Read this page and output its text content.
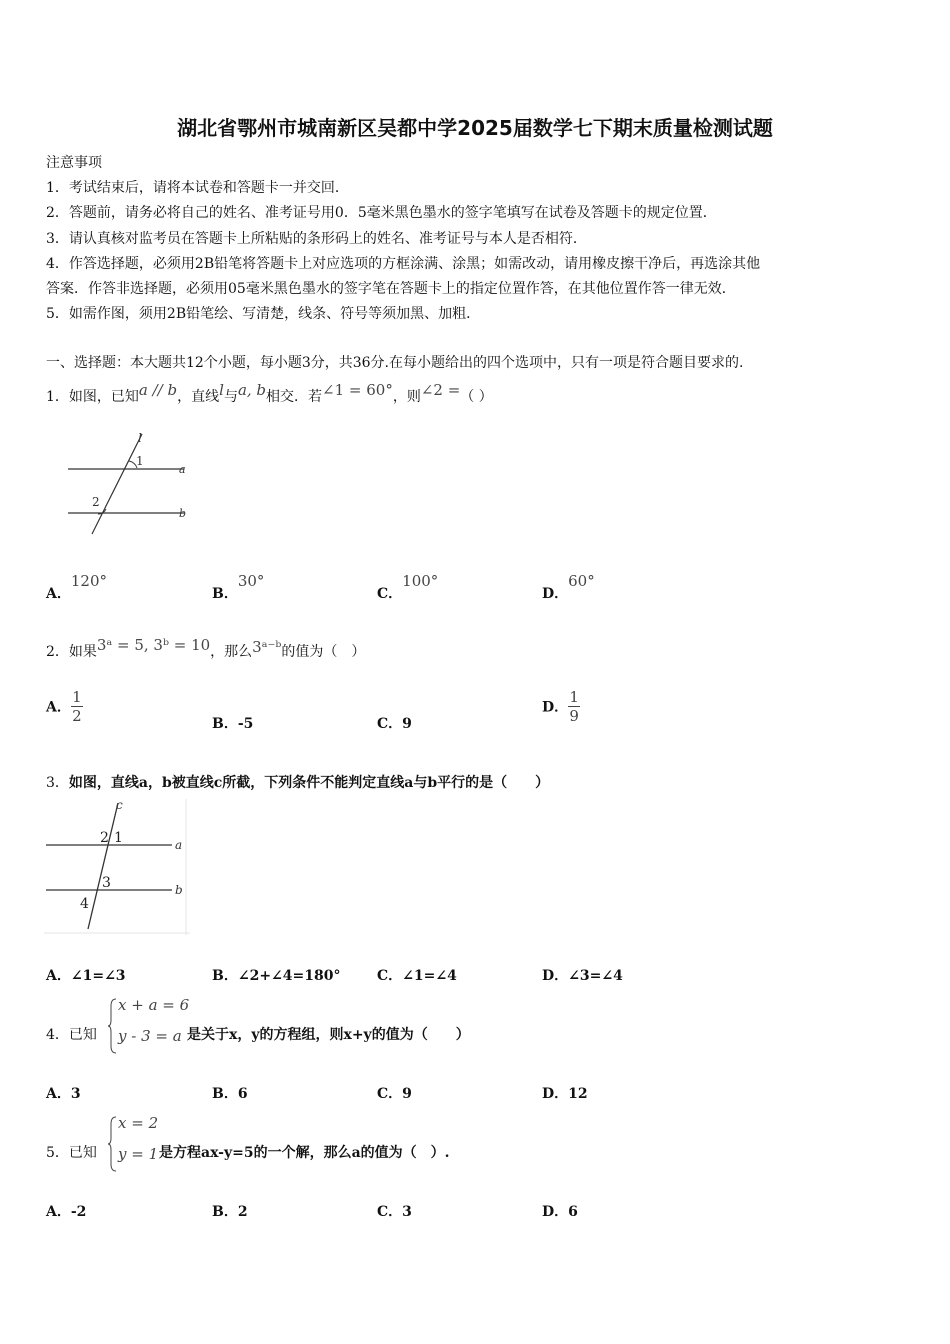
湖北省鄂州市城南新区吴都中学2025届数学七下期末质量检测试题
注意事项
1．考试结束后，请将本试卷和答题卡一并交回．
2．答题前，请务必将自己的姓名、准考证号用0．5毫米黑色墨水的签字笔填写在试卷及答题卡的规定位置．
3．请认真核对监考员在答题卡上所粘贴的条形码上的姓名、准考证号与本人是否相符．
4．作答选择题，必须用2B铅笔将答题卡上对应选项的方框涂满、涂黑；如需改动，请用橡皮擦干净后，再选涂其他
答案．作答非选择题，必须用05毫米黑色墨水的签字笔在答题卡上的指定位置作答，在其他位置作答一律无效．
5．如需作图，须用2B铅笔绘、写清楚，线条、符号等须加黑、加粗．
一、选择题：本大题共12个小题，每小题3分，共36分.在每小题给出的四个选项中，只有一项是符合题目要求的.
1．如图，已知a // b，直线l与a, b相交．若∠1 = 60°，则∠2 =（ ）
l
1
2
a
b
A．120°
B．30°
C．100°
D．60°
2．如果3ᵃ = 5, 3ᵇ = 10，那么3ᵃ⁻ᵇ的值为（　）
A．$\frac{1}{2}$	B．-5	C．9
D．$\frac{1}{9}$
3．如图，直线a，b被直线c所截，下列条件不能判定直线a与b平行的是（　　）
c
2 1
3
4
a
b
A．∠1=∠3	B．∠2+∠4=180°	C．∠1=∠4	D．∠3=∠4
4．已知
x + a = 6
y - 3 = a 是关于x，y的方程组，则x+y的值为（　　）
A．3	B．6	C．9	D．12
5．已知
x = 2
y = 1 是方程ax-y=5的一个解，那么a的值为（　）.
A．-2	B．2	C．3	D．6
